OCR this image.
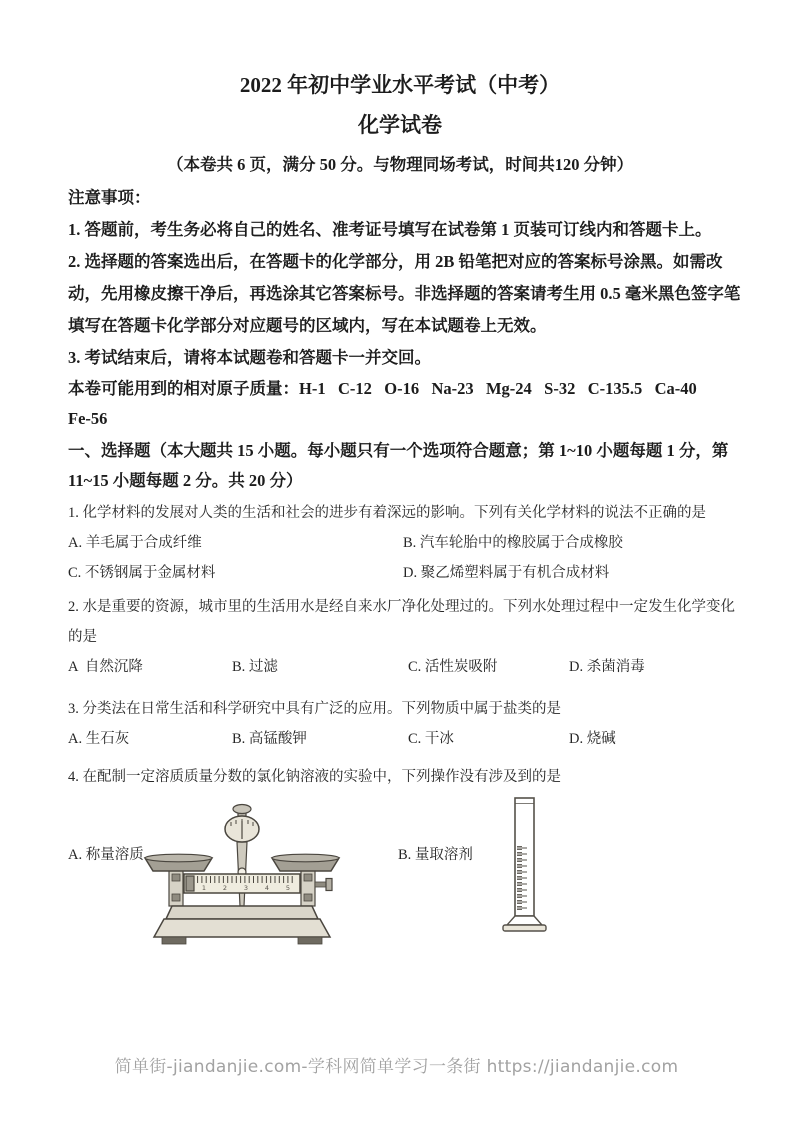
2022 年初中学业水平考试（中考）
化学试卷
（本卷共 6 页，满分 50 分。与物理同场考试，时间共120 分钟）
注意事项：
1. 答题前，考生务必将自己的姓名、准考证号填写在试卷第 1 页装可订线内和答题卡上。
2. 选择题的答案选出后，在答题卡的化学部分，用 2B 铅笔把对应的答案标号涂黑。如需改
动，先用橡皮擦干净后，再选涂其它答案标号。非选择题的答案请考生用 0.5 毫米黑色签字笔
填写在答题卡化学部分对应题号的区域内，写在本试题卷上无效。
3. 考试结束后，请将本试题卷和答题卡一并交回。
本卷可能用到的相对原子质量：H-1   C-12   O-16   Na-23   Mg-24   S-32   C-135.5   Ca-40
Fe-56
一、选择题（本大题共 15 小题。每小题只有一个选项符合题意；第 1~10 小题每题 1 分，第
11~15 小题每题 2 分。共 20 分）
1. 化学材料的发展对人类的生活和社会的进步有着深远的影响。下列有关化学材料的说法不正确的是
A. 羊毛属于合成纤维	B. 汽车轮胎中的橡胶属于合成橡胶
C. 不锈钢属于金属材料	D. 聚乙烯塑料属于有机合成材料
2. 水是重要的资源，城市里的生活用水是经自来水厂净化处理过的。下列水处理过程中一定发生化学变化
的是
A  自然沉降	B. 过滤	C. 活性炭吸附	D. 杀菌消毒
3. 分类法在日常生活和科学研究中具有广泛的应用。下列物质中属于盐类的是
A. 生石灰	B. 高锰酸钾	C. 干冰	D. 烧碱
4. 在配制一定溶质质量分数的氯化钠溶液的实验中，下列操作没有涉及到的是
A. 称量溶质
1	2	3	4	5
B. 量取溶剂
简单街-jiandanjie.com-学科网简单学习一条街 https://jiandanjie.com
